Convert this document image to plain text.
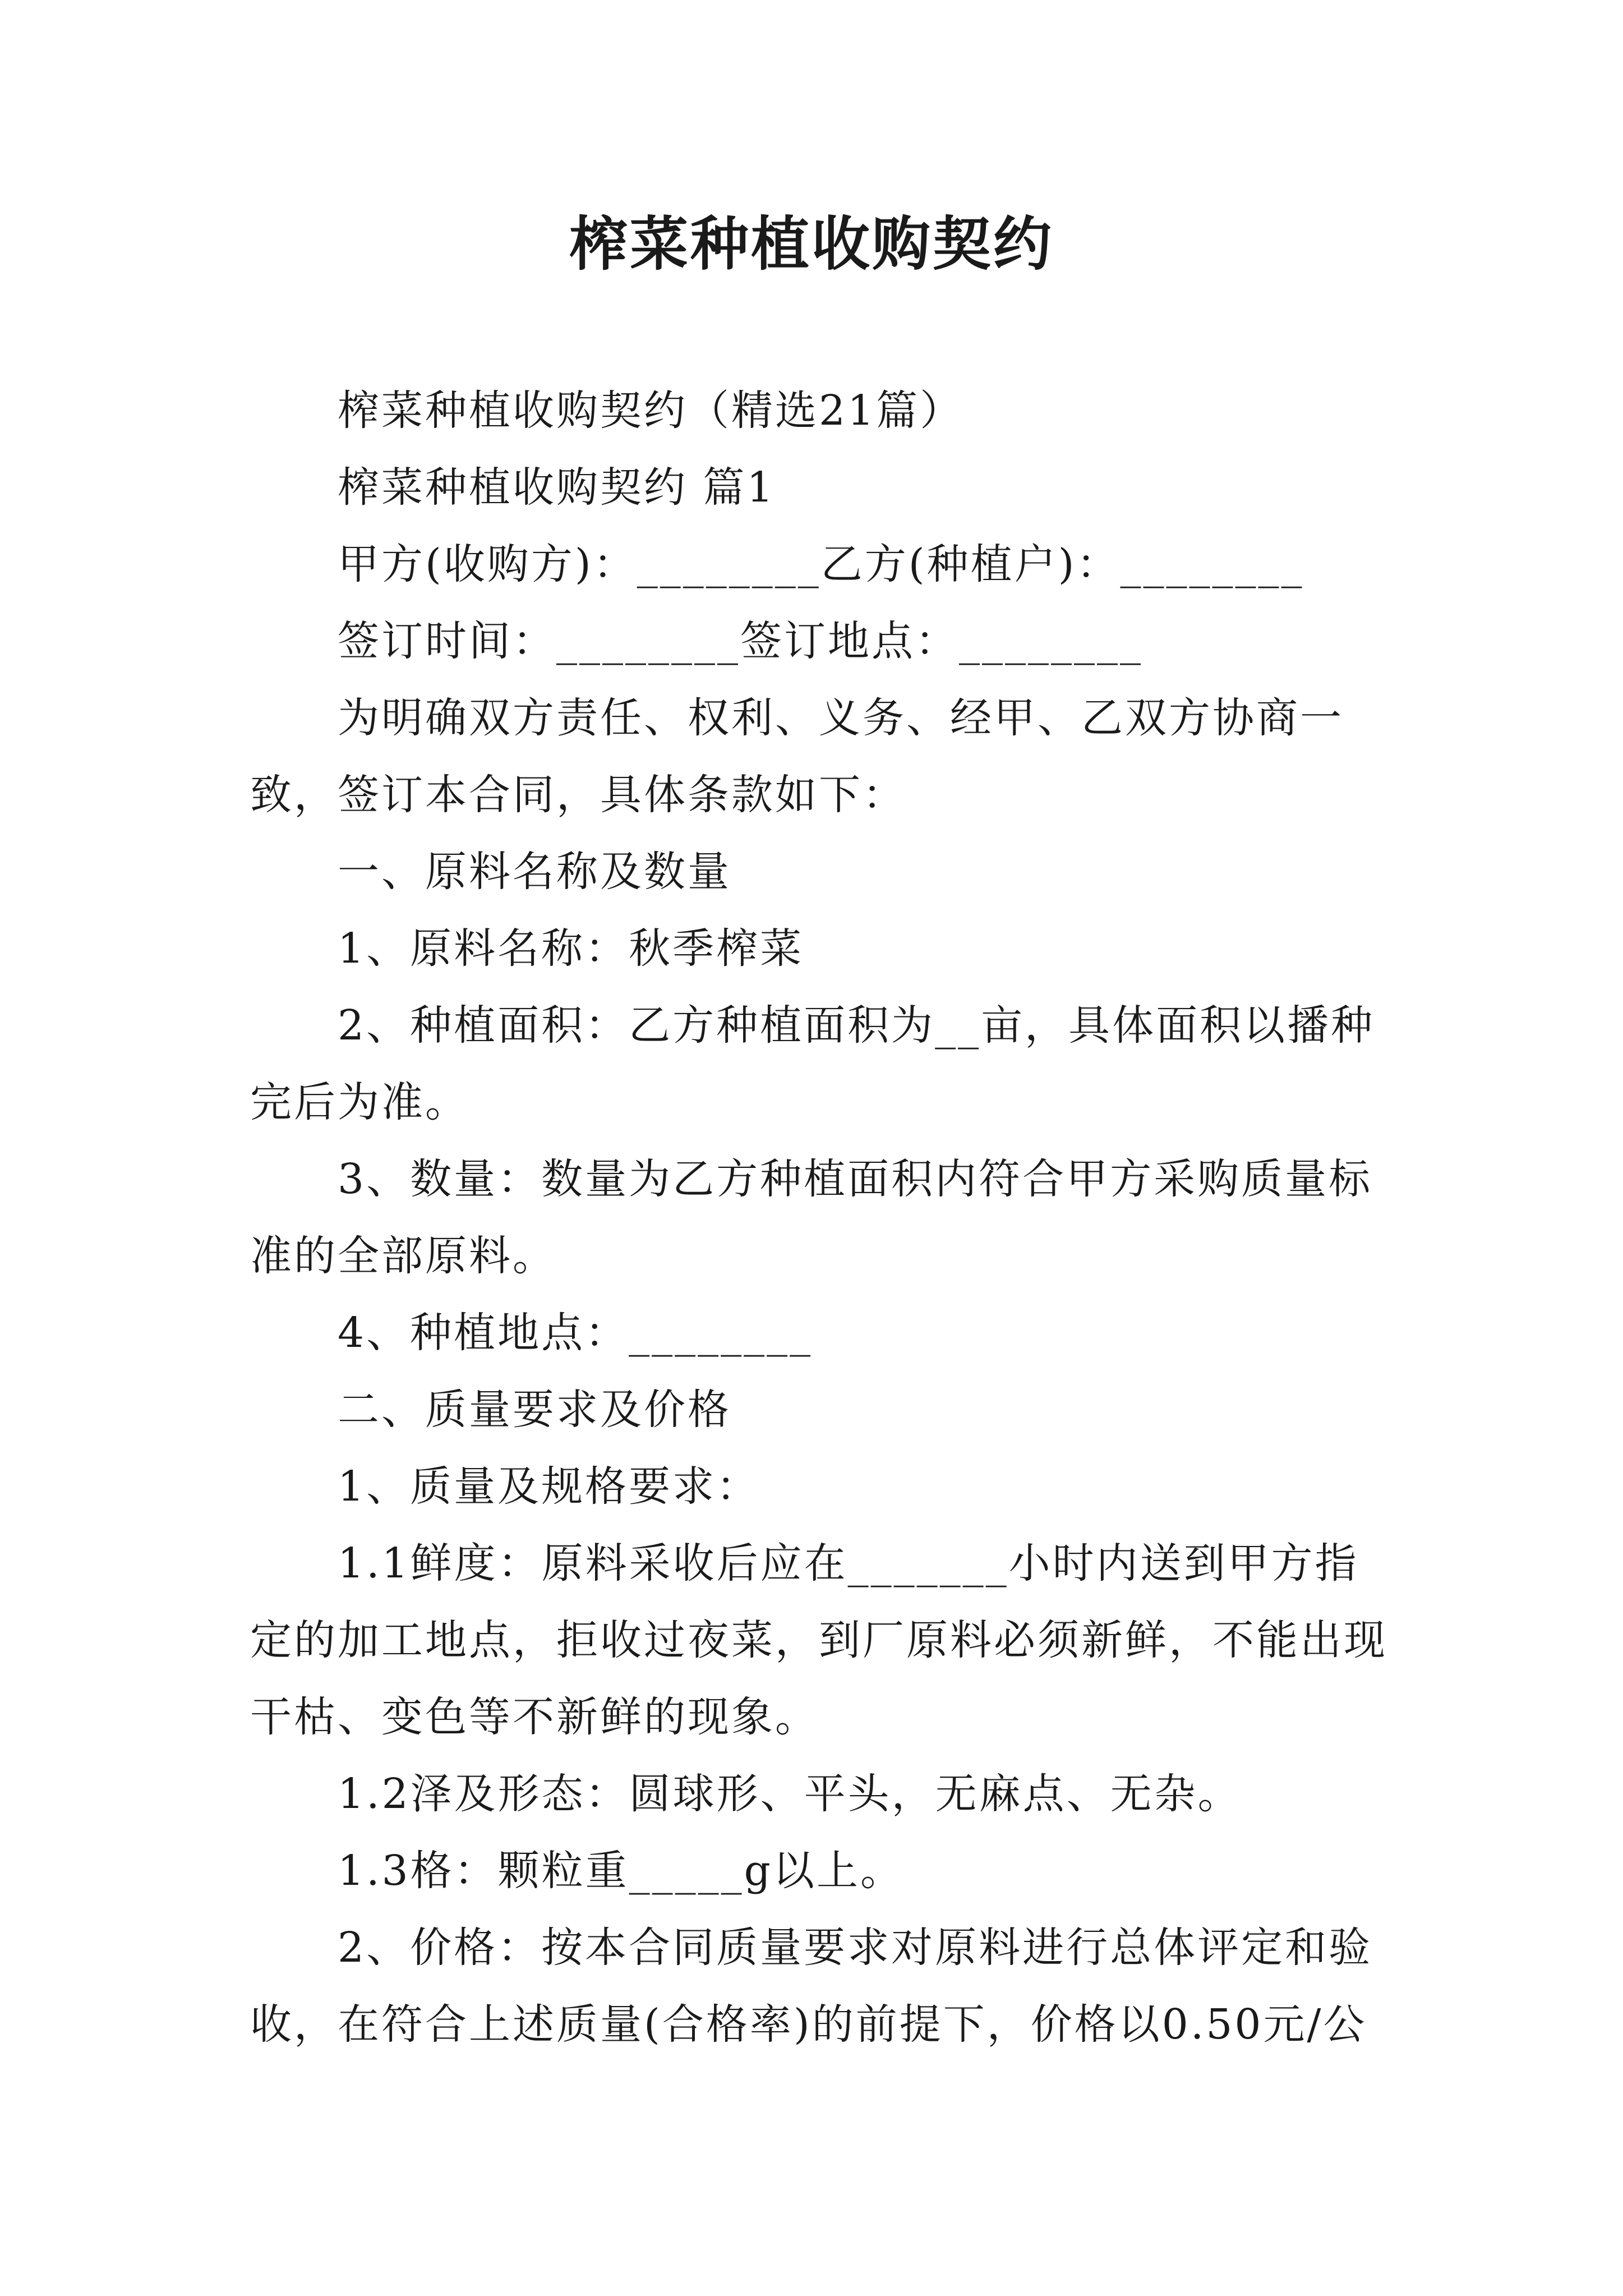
榨菜种植收购契约

榨菜种植收购契约（精选21篇）

榨菜种植收购契约 篇1

甲方(收购方)：________乙方(种植户)：________

签订时间：________签订地点：________

为明确双方责任、权利、义务、经甲、乙双方协商一致，签订本合同，具体条款如下：

一、原料名称及数量

1、原料名称：秋季榨菜

2、种植面积：乙方种植面积为__亩，具体面积以播种完后为准。

3、数量：数量为乙方种植面积内符合甲方采购质量标准的全部原料。

4、种植地点：________

二、质量要求及价格

1、质量及规格要求：

1.1鲜度：原料采收后应在_______小时内送到甲方指定的加工地点，拒收过夜菜，到厂原料必须新鲜，不能出现干枯、变色等不新鲜的现象。

1.2泽及形态：圆球形、平头，无麻点、无杂。

1.3格：颗粒重_____g以上。

2、价格：按本合同质量要求对原料进行总体评定和验收，在符合上述质量(合格率)的前提下，价格以0.50元/公
